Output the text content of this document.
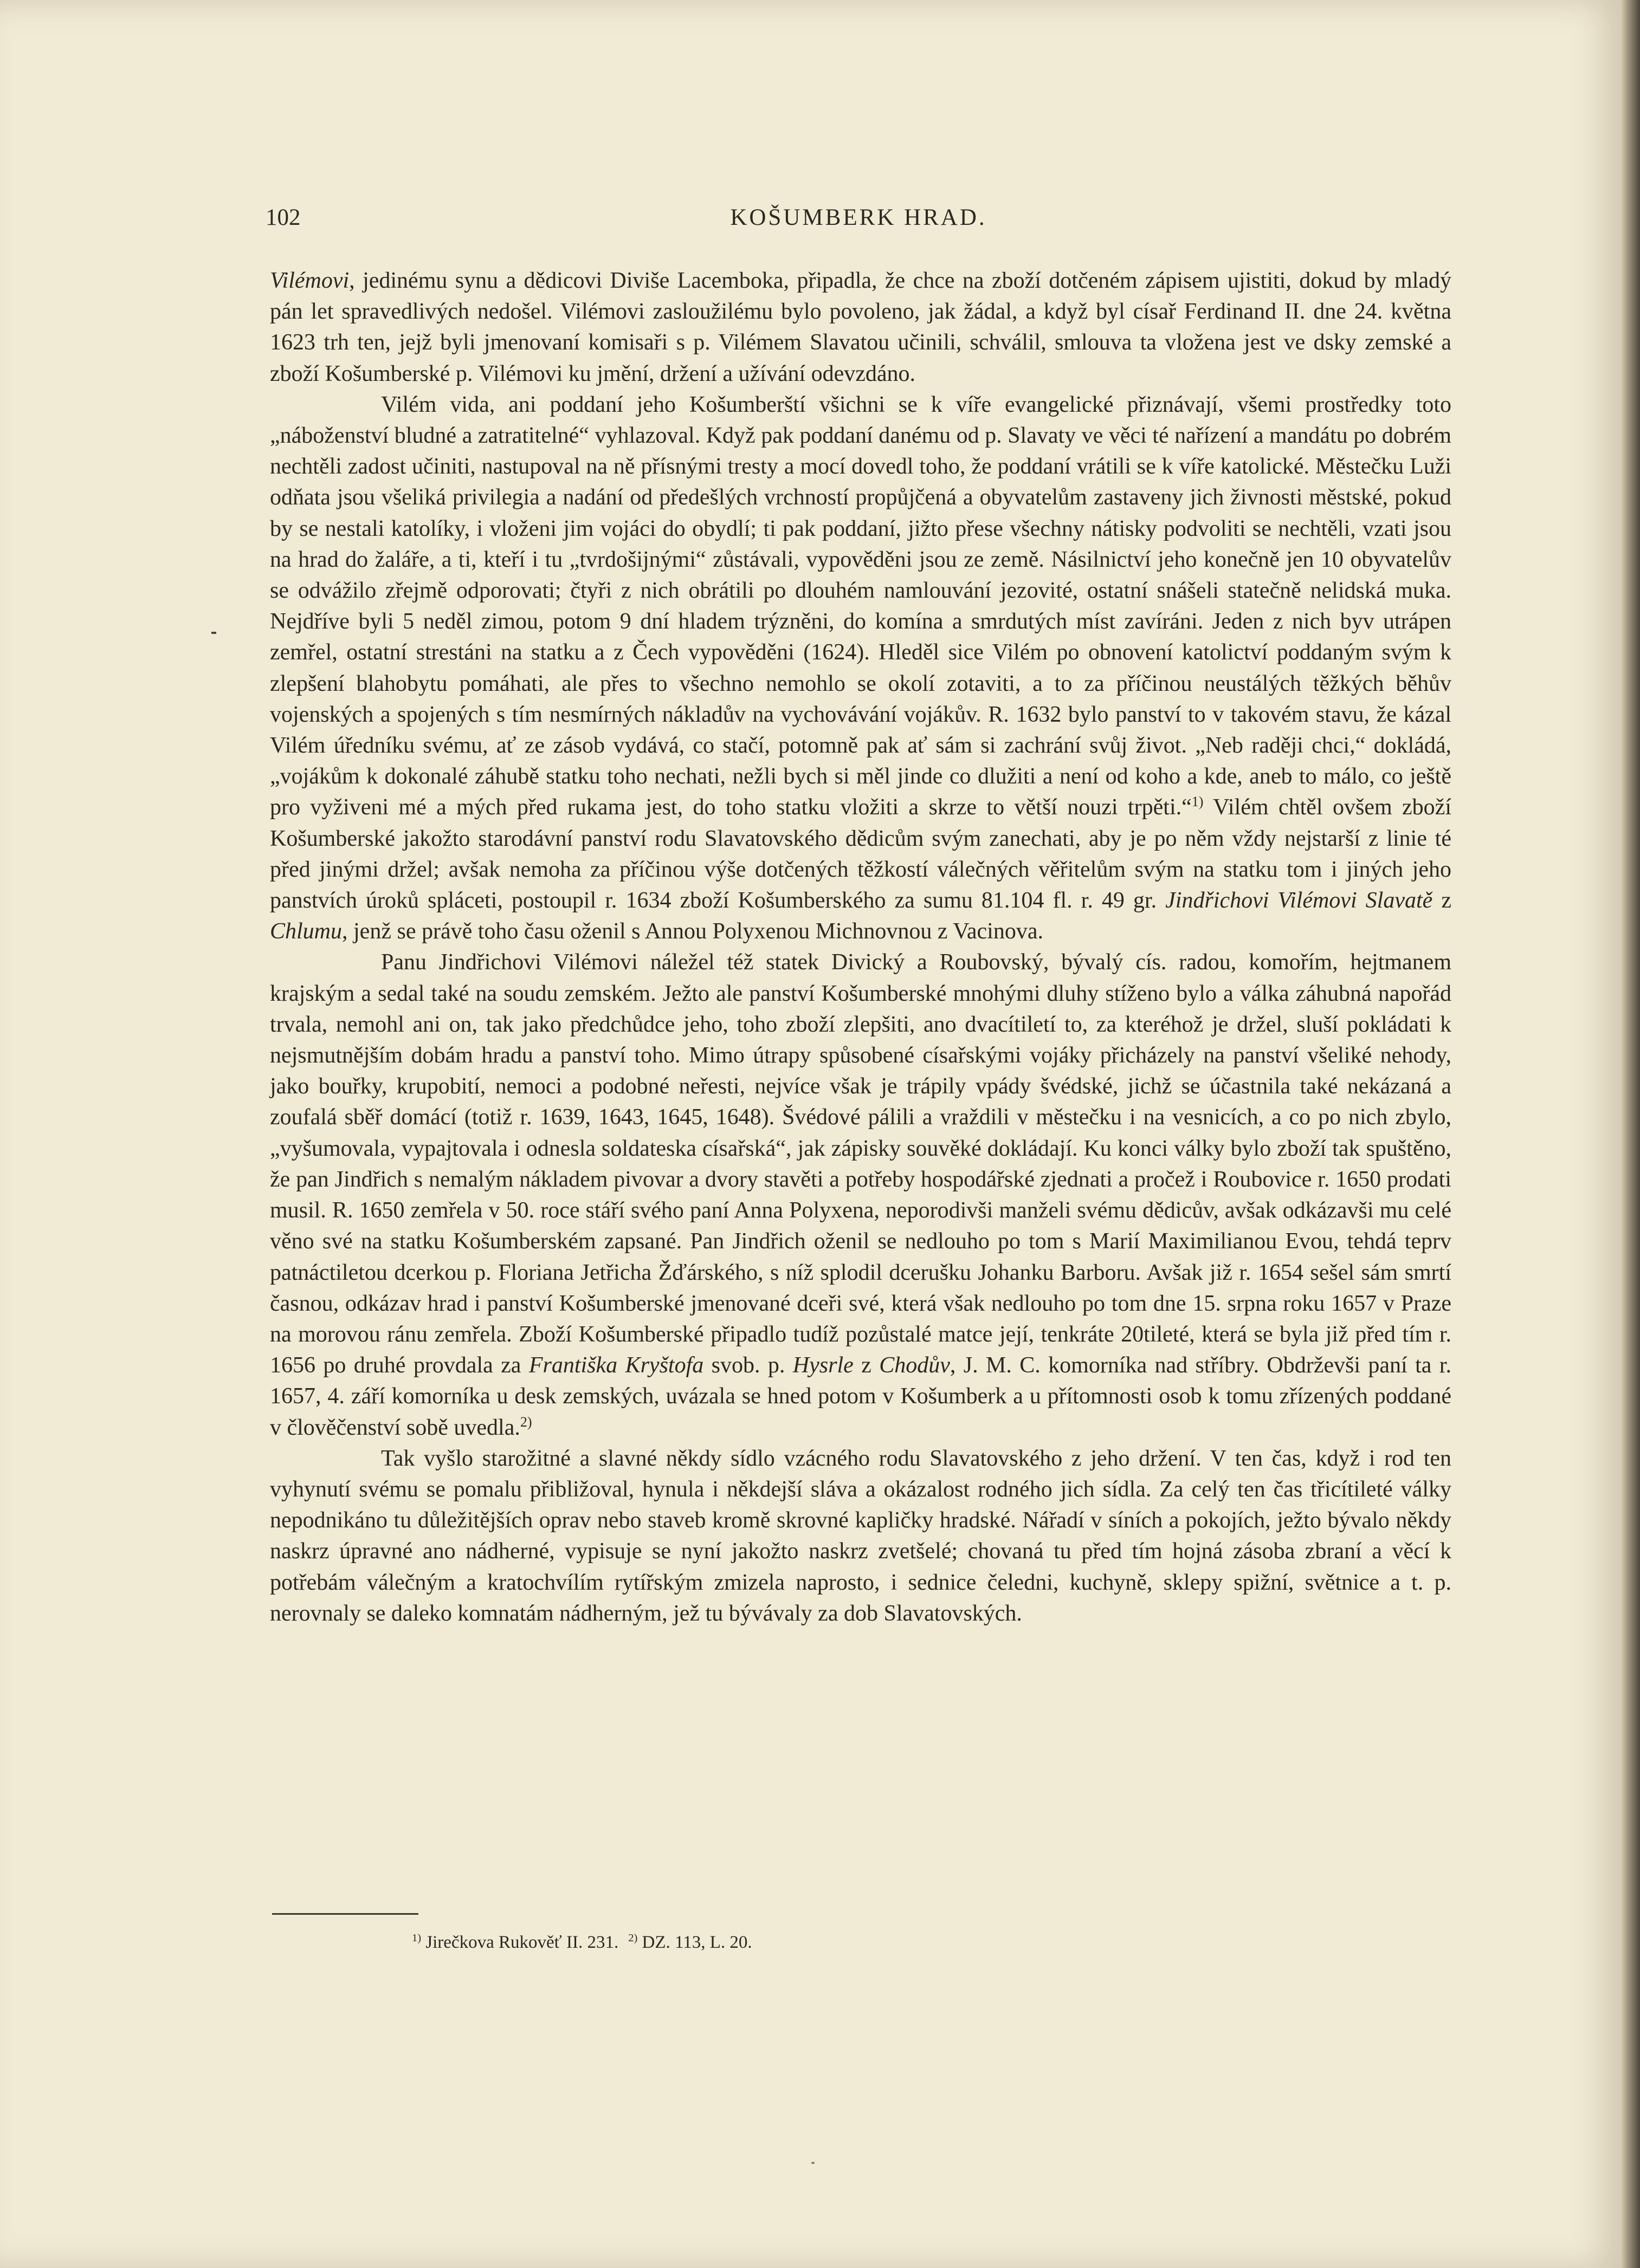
102	KOŠUMBERK HRAD.

Vilémovi, jedinému synu a dědicovi Diviše Lacemboka, připadla, že chce na zboží dotčeném zápisem ujistiti, dokud by mladý pán let spravedlivých nedošel. Vilémovi zasloužilému bylo povoleno, jak žádal, a když byl císař Ferdinand II. dne 24. května 1623 trh ten, jejž byli jmenovaní komisaři s p. Vilémem Slavatou učinili, schválil, smlouva ta vložena jest ve dsky zemské a zboží Košumberské p. Vilémovi ku jmění, držení a užívání odevzdáno.

Vilém vida, ani poddaní jeho Košumberští všichni se k víře evangelické přiznávají, všemi prostředky toto „náboženství bludné a zatratitelné“ vyhlazoval. Když pak poddaní danému od p. Slavaty ve věci té nařízení a mandátu po dobrém nechtěli zadost učiniti, nastupoval na ně přísnými tresty a mocí dovedl toho, že poddaní vrátili se k víře katolické. Městečku Luži odňata jsou všeliká privilegia a nadání od předešlých vrchností propůjčená a obyvatelům zastaveny jich živnosti městské, pokud by se nestali katolíky, i vloženi jim vojáci do obydlí; ti pak poddaní, jižto přese všechny nátisky podvoliti se nechtěli, vzati jsou na hrad do žaláře, a ti, kteří i tu „tvrdošijnými“ zůstávali, vypověděni jsou ze země. Násilnictví jeho konečně jen 10 obyvatelův se odvážilo zřejmě odporovati; čtyři z nich obrátili po dlouhém namlouvání jezovité, ostatní snášeli statečně nelidská muka. Nejdříve byli 5 neděl zimou, potom 9 dní hladem trýzněni, do komína a smrdutých míst zavíráni. Jeden z nich byv utrápen zemřel, ostatní strestáni na statku a z Čech vypověděni (1624). Hleděl sice Vilém po obnovení katolictví poddaným svým k zlepšení blahobytu pomáhati, ale přes to všechno nemohlo se okolí zotaviti, a to za příčinou neustálých těžkých běhův vojenských a spojených s tím nesmírných nákladův na vychovávání vojákův. R. 1632 bylo panství to v takovém stavu, že kázal Vilém úředníku svému, ať ze zásob vydává, co stačí, potomně pak ať sám si zachrání svůj život. „Neb raději chci,“ dokládá, „vojákům k dokonalé záhubě statku toho nechati, nežli bych si měl jinde co dlužiti a není od koho a kde, aneb to málo, co ještě pro vyživeni mé a mých před rukama jest, do toho statku vložiti a skrze to větší nouzi trpěti.“$^{1)}$ Vilém chtěl ovšem zboží Košumberské jakožto starodávní panství rodu Slavatovského dědicům svým zanechati, aby je po něm vždy nejstarší z linie té před jinými držel; avšak nemoha za příčinou výše dotčených těžkostí válečných věřitelům svým na statku tom i jiných jeho panstvích úroků spláceti, postoupil r. 1634 zboží Košumberského za sumu 81.104 fl. r. 49 gr. Jindřichovi Vilémovi Slavatě z Chlumu, jenž se právě toho času oženil s Annou Polyxenou Michnovnou z Vacinova.

Panu Jindřichovi Vilémovi náležel též statek Divický a Roubovský, bývalý cís. radou, komořím, hejtmanem krajským a sedal také na soudu zemském. Ježto ale panství Košumberské mnohými dluhy stíženo bylo a válka záhubná napořád trvala, nemohl ani on, tak jako předchůdce jeho, toho zboží zlepšiti, ano dvacítiletí to, za kteréhož je držel, sluší pokládati k nejsmutnějším dobám hradu a panství toho. Mimo útrapy spůsobené císařskými vojáky přicházely na panství všeliké nehody, jako bouřky, krupobití, nemoci a podobné neřesti, nejvíce však je trápily vpády švédské, jichž se účastnila také nekázaná a zoufalá sběř domácí (totiž r. 1639, 1643, 1645, 1648). Švédové pálili a vraždili v městečku i na vesnicích, a co po nich zbylo, „vyšumovala, vypajtovala i odnesla soldateska císařská“, jak zápisky souvěké dokládají. Ku konci války bylo zboží tak spuštěno, že pan Jindřich s nemalým nákladem pivovar a dvory stavěti a potřeby hospodářské zjednati a pročež i Roubovice r. 1650 prodati musil. R. 1650 zemřela v 50. roce stáří svého paní Anna Polyxena, neporodivši manželi svému dědicův, avšak odkázavši mu celé věno své na statku Košumberském zapsané. Pan Jindřich oženil se nedlouho po tom s Marií Maximilianou Evou, tehdá teprv patnáctiletou dcerkou p. Floriana Jetřicha Žďárského, s níž splodil dcerušku Johanku Barboru. Avšak již r. 1654 sešel sám smrtí časnou, odkázav hrad i panství Košumberské jmenované dceři své, která však nedlouho po tom dne 15. srpna roku 1657 v Praze na morovou ránu zemřela. Zboží Košumberské připadlo tudíž pozůstalé matce její, tenkráte 20tileté, která se byla již před tím r. 1656 po druhé provdala za Františka Kryštofa svob. p. Hysrle z Chodův, J. M. C. komorníka nad stříbry. Obdrževši paní ta r. 1657, 4. září komorníka u desk zemských, uvázala se hned potom v Košumberk a u přítomnosti osob k tomu zřízených poddané v člověčenství sobě uvedla.$^{2)}$

Tak vyšlo starožitné a slavné někdy sídlo vzácného rodu Slavatovského z jeho držení. V ten čas, když i rod ten vyhynutí svému se pomalu přibližoval, hynula i někdejší sláva a okázalost rodného jich sídla. Za celý ten čas třicítileté války nepodnikáno tu důležitějších oprav nebo staveb kromě skrovné kapličky hradské. Nářadí v síních a pokojích, ježto bývalo někdy naskrz úpravné ano nádherné, vypisuje se nyní jakožto naskrz zvetšelé; chovaná tu před tím hojná zásoba zbraní a věcí k potřebám válečným a kratochvílím rytířským zmizela naprosto, i sednice čeledni, kuchyně, sklepy spižní, světnice a t. p. nerovnaly se daleko komnatám nádherným, jež tu bývávaly za dob Slavatovských.

$^{1)}$ Jirečkova Rukověť II. 231. $^{2)}$ DZ. 113, L. 20.
